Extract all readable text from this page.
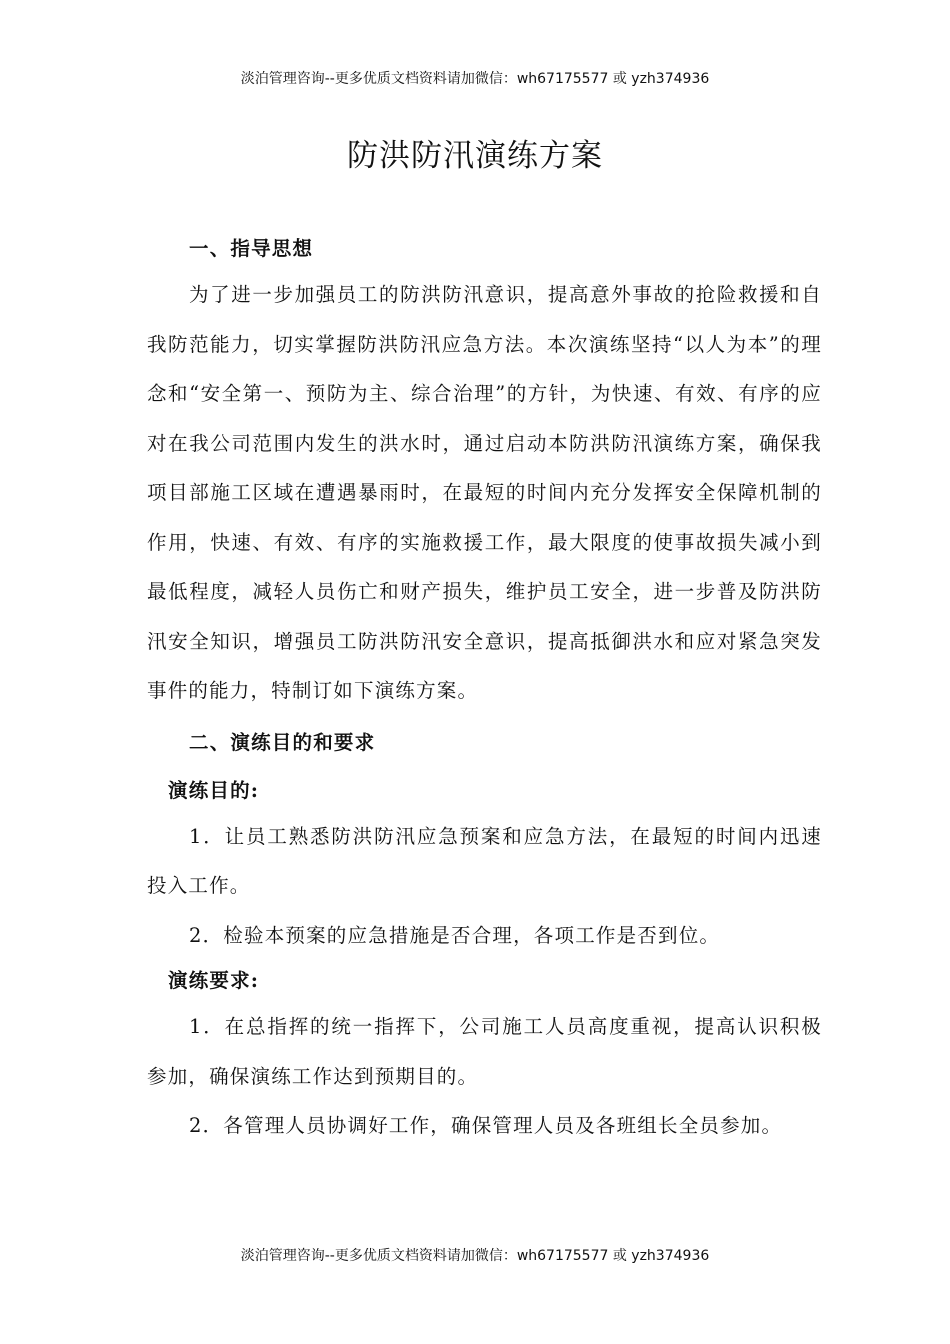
淡泊管理咨询--更多优质文档资料请加微信：wh67175577 或 yzh374936
防洪防汛演练方案

一、指导思想

为了进一步加强员工的防洪防汛意识，提高意外事故的抢险救援和自我防范能力，切实掌握防洪防汛应急方法。本次演练坚持“以人为本”的理念和“安全第一、预防为主、综合治理”的方针，为快速、有效、有序的应对在我公司范围内发生的洪水时，通过启动本防洪防汛演练方案，确保我项目部施工区域在遭遇暴雨时，在最短的时间内充分发挥安全保障机制的作用，快速、有效、有序的实施救援工作，最大限度的使事故损失减小到最低程度，减轻人员伤亡和财产损失，维护员工安全，进一步普及防洪防汛安全知识，增强员工防洪防汛安全意识，提高抵御洪水和应对紧急突发事件的能力，特制订如下演练方案。

二、演练目的和要求

演练目的:

1．让员工熟悉防洪防汛应急预案和应急方法，在最短的时间内迅速投入工作。

2．检验本预案的应急措施是否合理，各项工作是否到位。

演练要求:

1．在总指挥的统一指挥下，公司施工人员高度重视，提高认识积极参加，确保演练工作达到预期目的。

2．各管理人员协调好工作，确保管理人员及各班组长全员参加。

淡泊管理咨询--更多优质文档资料请加微信：wh67175577 或 yzh374936
